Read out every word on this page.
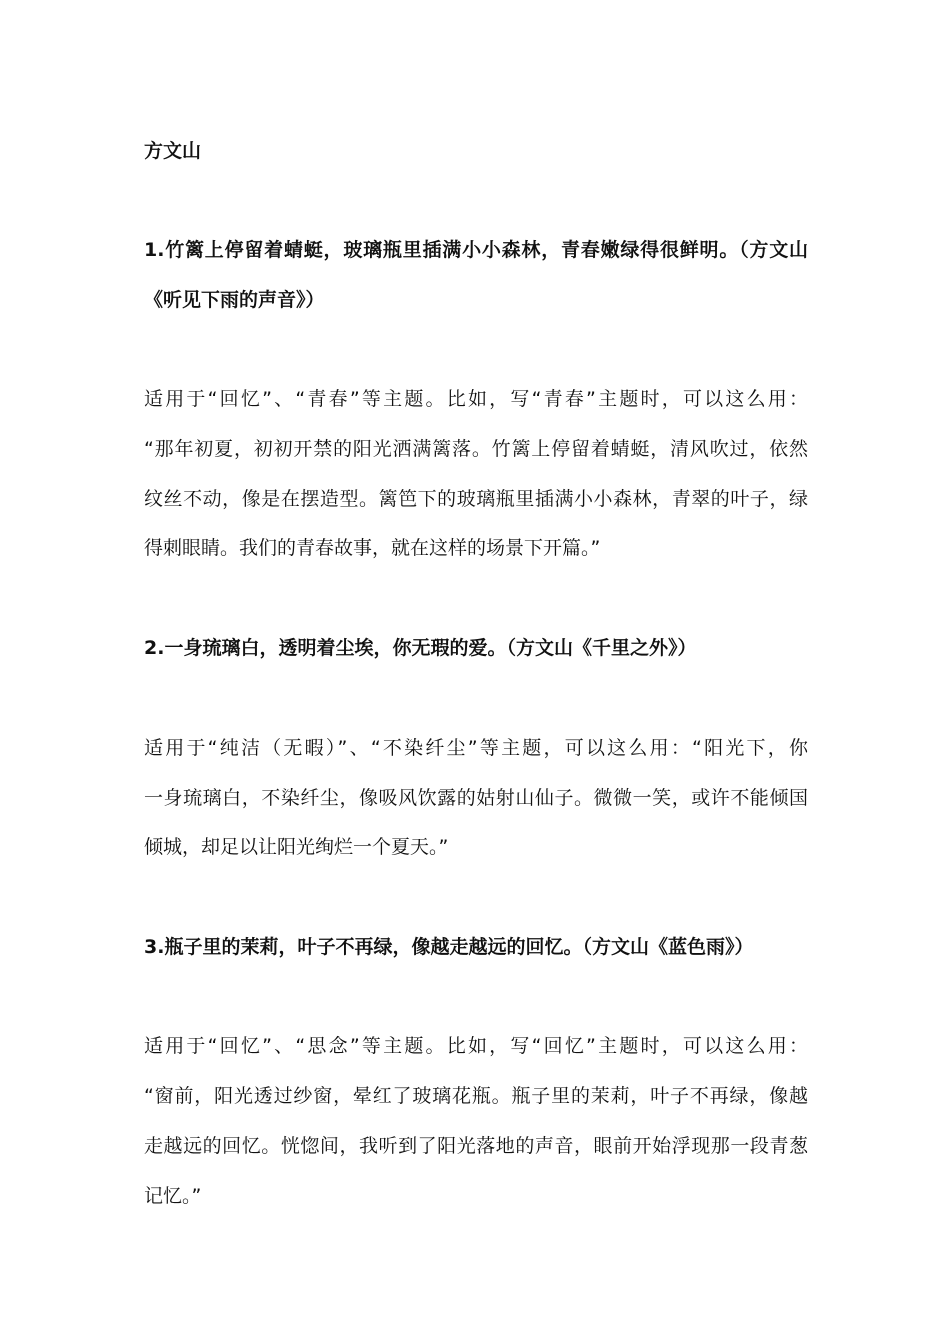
方文山
1.竹篱上停留着蜻蜓，玻璃瓶里插满小小森林，青春嫩绿得很鲜明。（方文山
《听见下雨的声音》）
适用于“回忆”、“青春”等主题。比如，写“青春”主题时，可以这么用：
“那年初夏，初初开禁的阳光洒满篱落。竹篱上停留着蜻蜓，清风吹过，依然
纹丝不动，像是在摆造型。篱笆下的玻璃瓶里插满小小森林，青翠的叶子，绿
得刺眼睛。我们的青春故事，就在这样的场景下开篇。”
2.一身琉璃白，透明着尘埃，你无瑕的爱。（方文山《千里之外》）
适用于“纯洁（无暇）”、“不染纤尘”等主题，可以这么用：“阳光下，你
一身琉璃白，不染纤尘，像吸风饮露的姑射山仙子。微微一笑，或许不能倾国
倾城，却足以让阳光绚烂一个夏天。”
3.瓶子里的茉莉，叶子不再绿，像越走越远的回忆。（方文山《蓝色雨》）
适用于“回忆”、“思念”等主题。比如，写“回忆”主题时，可以这么用：
“窗前，阳光透过纱窗，晕红了玻璃花瓶。瓶子里的茉莉，叶子不再绿，像越
走越远的回忆。恍惚间，我听到了阳光落地的声音，眼前开始浮现那一段青葱
记忆。”
